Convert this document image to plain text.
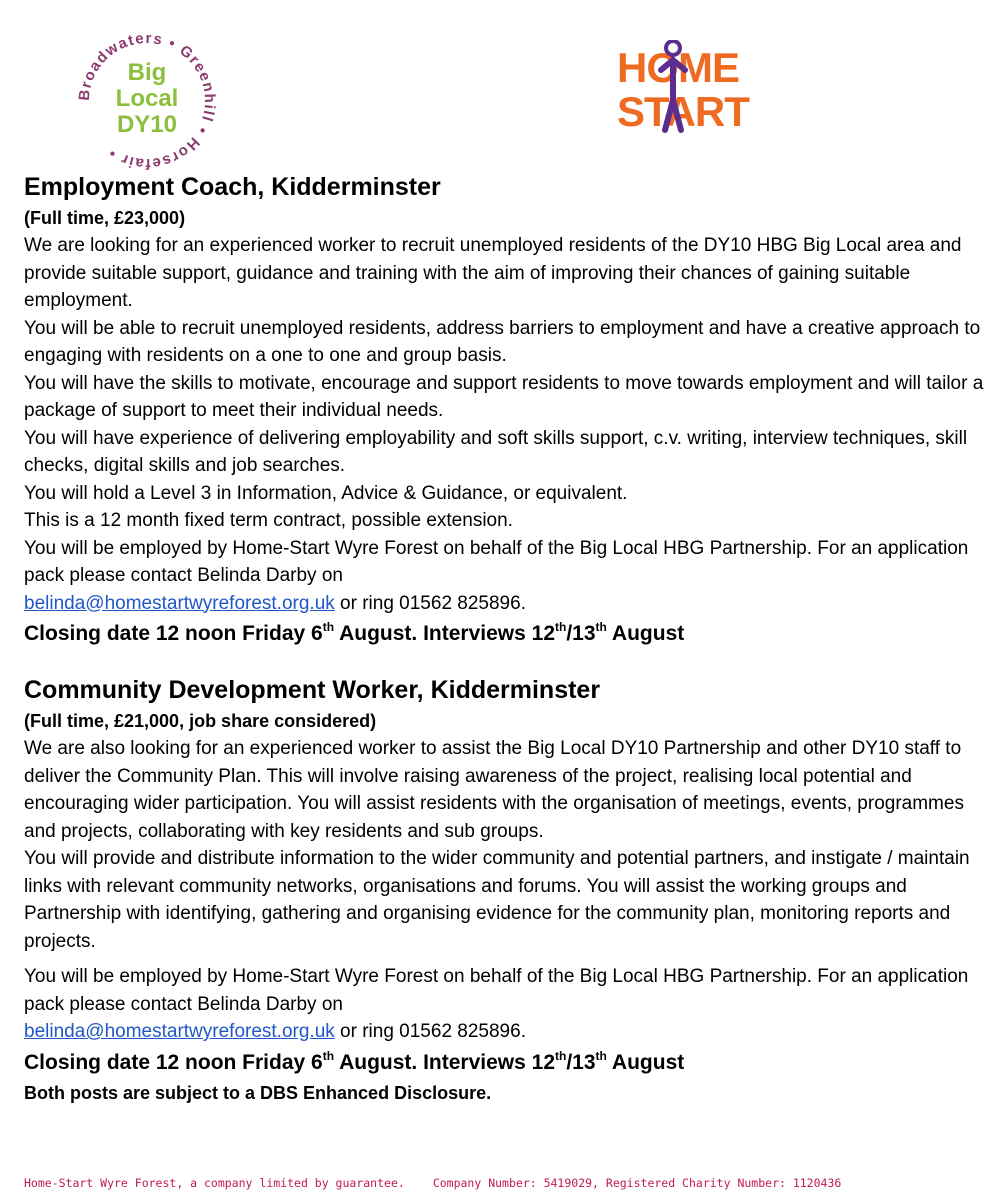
Broadwaters • Greenhill • Horsefair •
Big
Local
DY10
HOME
START
Employment Coach, Kidderminster

(Full time, £23,000)

We are looking for an experienced worker to recruit unemployed residents of the DY10 HBG Big Local area and provide suitable support, guidance and training with the aim of improving their chances of gaining suitable employment.

You will be able to recruit unemployed residents, address barriers to employment and have a creative approach to engaging with residents on a one to one and group basis.

You will have the skills to motivate, encourage and support residents to move towards employment and will tailor a package of support to meet their individual needs.

You will have experience of delivering employability and soft skills support, c.v. writing, interview techniques, skill checks, digital skills and job searches.

You will hold a Level 3 in Information, Advice & Guidance, or equivalent.

This is a 12 month fixed term contract, possible extension.

You will be employed by Home-Start Wyre Forest on behalf of the Big Local HBG Partnership. For an application pack please contact Belinda Darby on

belinda@homestartwyreforest.org.uk or ring 01562 825896.

Closing date 12 noon Friday 6th August. Interviews 12th/13th August

Community Development Worker, Kidderminster

(Full time, £21,000, job share considered)

We are also looking for an experienced worker to assist the Big Local DY10 Partnership and other DY10 staff to deliver the Community Plan. This will involve raising awareness of the project, realising local potential and encouraging wider participation. You will assist residents with the organisation of meetings, events, programmes and projects, collaborating with key residents and sub groups.

You will provide and distribute information to the wider community and potential partners, and instigate / maintain links with relevant community networks, organisations and forums. You will assist the working groups and Partnership with identifying, gathering and organising evidence for the community plan, monitoring reports and projects.

You will be employed by Home-Start Wyre Forest on behalf of the Big Local HBG Partnership. For an application pack please contact Belinda Darby on

belinda@homestartwyreforest.org.uk or ring 01562 825896.

Closing date 12 noon Friday 6th August. Interviews 12th/13th August

Both posts are subject to a DBS Enhanced Disclosure.

Home-Start Wyre Forest, a company limited by guarantee. Company Number: 5419029, Registered Charity Number: 1120436
